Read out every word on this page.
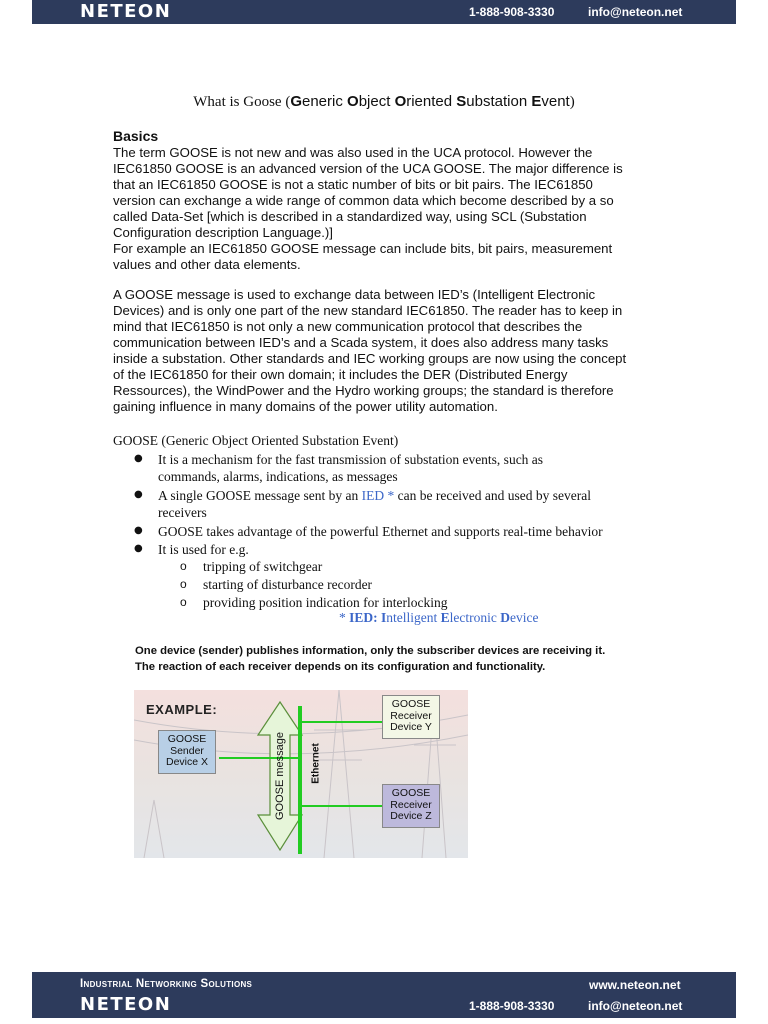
NETEON	1-888-908-3330	info@neteon.net
What is Goose (Generic Object Oriented Substation Event)
Basics
The term GOOSE is not new and was also used in the UCA protocol. However the
IEC61850 GOOSE is an advanced version of the UCA GOOSE. The major difference is
that an IEC61850 GOOSE is not a static number of bits or bit pairs. The IEC61850
version can exchange a wide range of common data which become described by a so
called Data-Set [which is described in a standardized way, using SCL (Substation
Configuration description Language.)]
For example an IEC61850 GOOSE message can include bits, bit pairs, measurement
values and other data elements.
A GOOSE message is used to exchange data between IED’s (Intelligent Electronic
Devices) and is only one part of the new standard IEC61850. The reader has to keep in
mind that IEC61850 is not only a new communication protocol that describes the
communication between IED’s and a Scada system, it does also address many tasks
inside a substation. Other standards and IEC working groups are now using the concept
of the IEC61850 for their own domain; it includes the DER (Distributed Energy
Ressources), the WindPower and the Hydro working groups; the standard is therefore
gaining influence in many domains of the power utility automation.
GOOSE (Generic Object Oriented Substation Event)
● It is a mechanism for the fast transmission of substation events, such as
commands, alarms, indications, as messages
● A single GOOSE message sent by an IED * can be received and used by several
receivers
● GOOSE takes advantage of the powerful Ethernet and supports real-time behavior
● It is used for e.g.
o tripping of switchgear
o starting of disturbance recorder
o providing position indication for interlocking
* IED: Intelligent Electronic Device
One device (sender) publishes information, only the subscriber devices are receiving it.
The reaction of each receiver depends on its configuration and functionality.
EXAMPLE:
GOOSE
Sender
Device X
GOOSE
Receiver
Device Y
GOOSE
Receiver
Device Z
GOOSE message Ethernet
Industrial Networking Solutions	www.neteon.net
NETEON	1-888-908-3330	info@neteon.net
